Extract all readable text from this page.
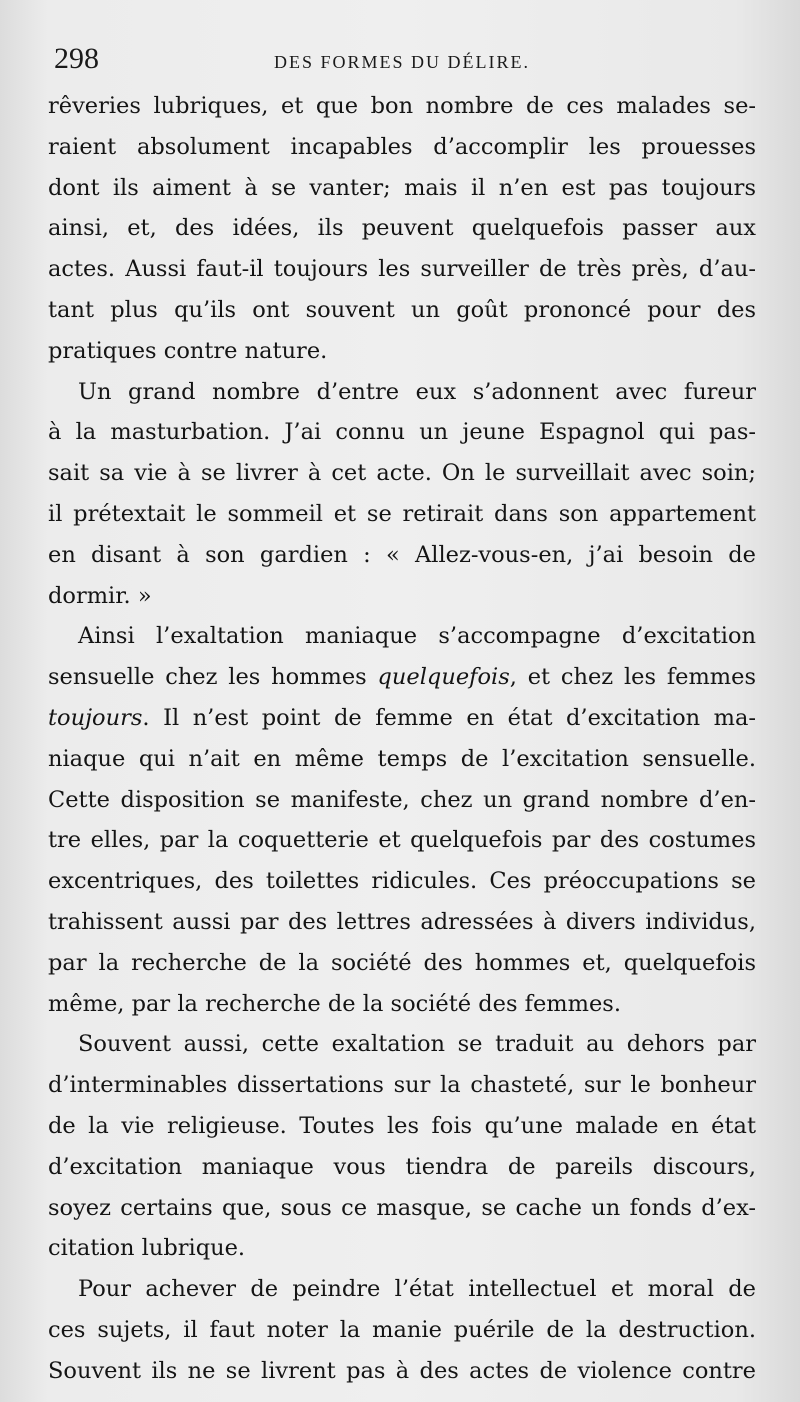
298	DES FORMES DU DÉLIRE.
rêveries lubriques, et que bon nombre de ces malades se-
raient absolument incapables d’accomplir les prouesses
dont ils aiment à se vanter; mais il n’en est pas toujours
ainsi, et, des idées, ils peuvent quelquefois passer aux
actes. Aussi faut-il toujours les surveiller de très près, d’au-
tant plus qu’ils ont souvent un goût prononcé pour des
pratiques contre nature.
Un grand nombre d’entre eux s’adonnent avec fureur
à la masturbation. J’ai connu un jeune Espagnol qui pas-
sait sa vie à se livrer à cet acte. On le surveillait avec soin;
il prétextait le sommeil et se retirait dans son appartement
en disant à son gardien : « Allez-vous-en, j’ai besoin de
dormir. »
Ainsi l’exaltation maniaque s’accompagne d’excitation
sensuelle chez les hommes quelquefois, et chez les femmes
toujours. Il n’est point de femme en état d’excitation ma-
niaque qui n’ait en même temps de l’excitation sensuelle.
Cette disposition se manifeste, chez un grand nombre d’en-
tre elles, par la coquetterie et quelquefois par des costumes
excentriques, des toilettes ridicules. Ces préoccupations se
trahissent aussi par des lettres adressées à divers individus,
par la recherche de la société des hommes et, quelquefois
même, par la recherche de la société des femmes.
Souvent aussi, cette exaltation se traduit au dehors par
d’interminables dissertations sur la chasteté, sur le bonheur
de la vie religieuse. Toutes les fois qu’une malade en état
d’excitation maniaque vous tiendra de pareils discours,
soyez certains que, sous ce masque, se cache un fonds d’ex-
citation lubrique.
Pour achever de peindre l’état intellectuel et moral de
ces sujets, il faut noter la manie puérile de la destruction.
Souvent ils ne se livrent pas à des actes de violence contre
